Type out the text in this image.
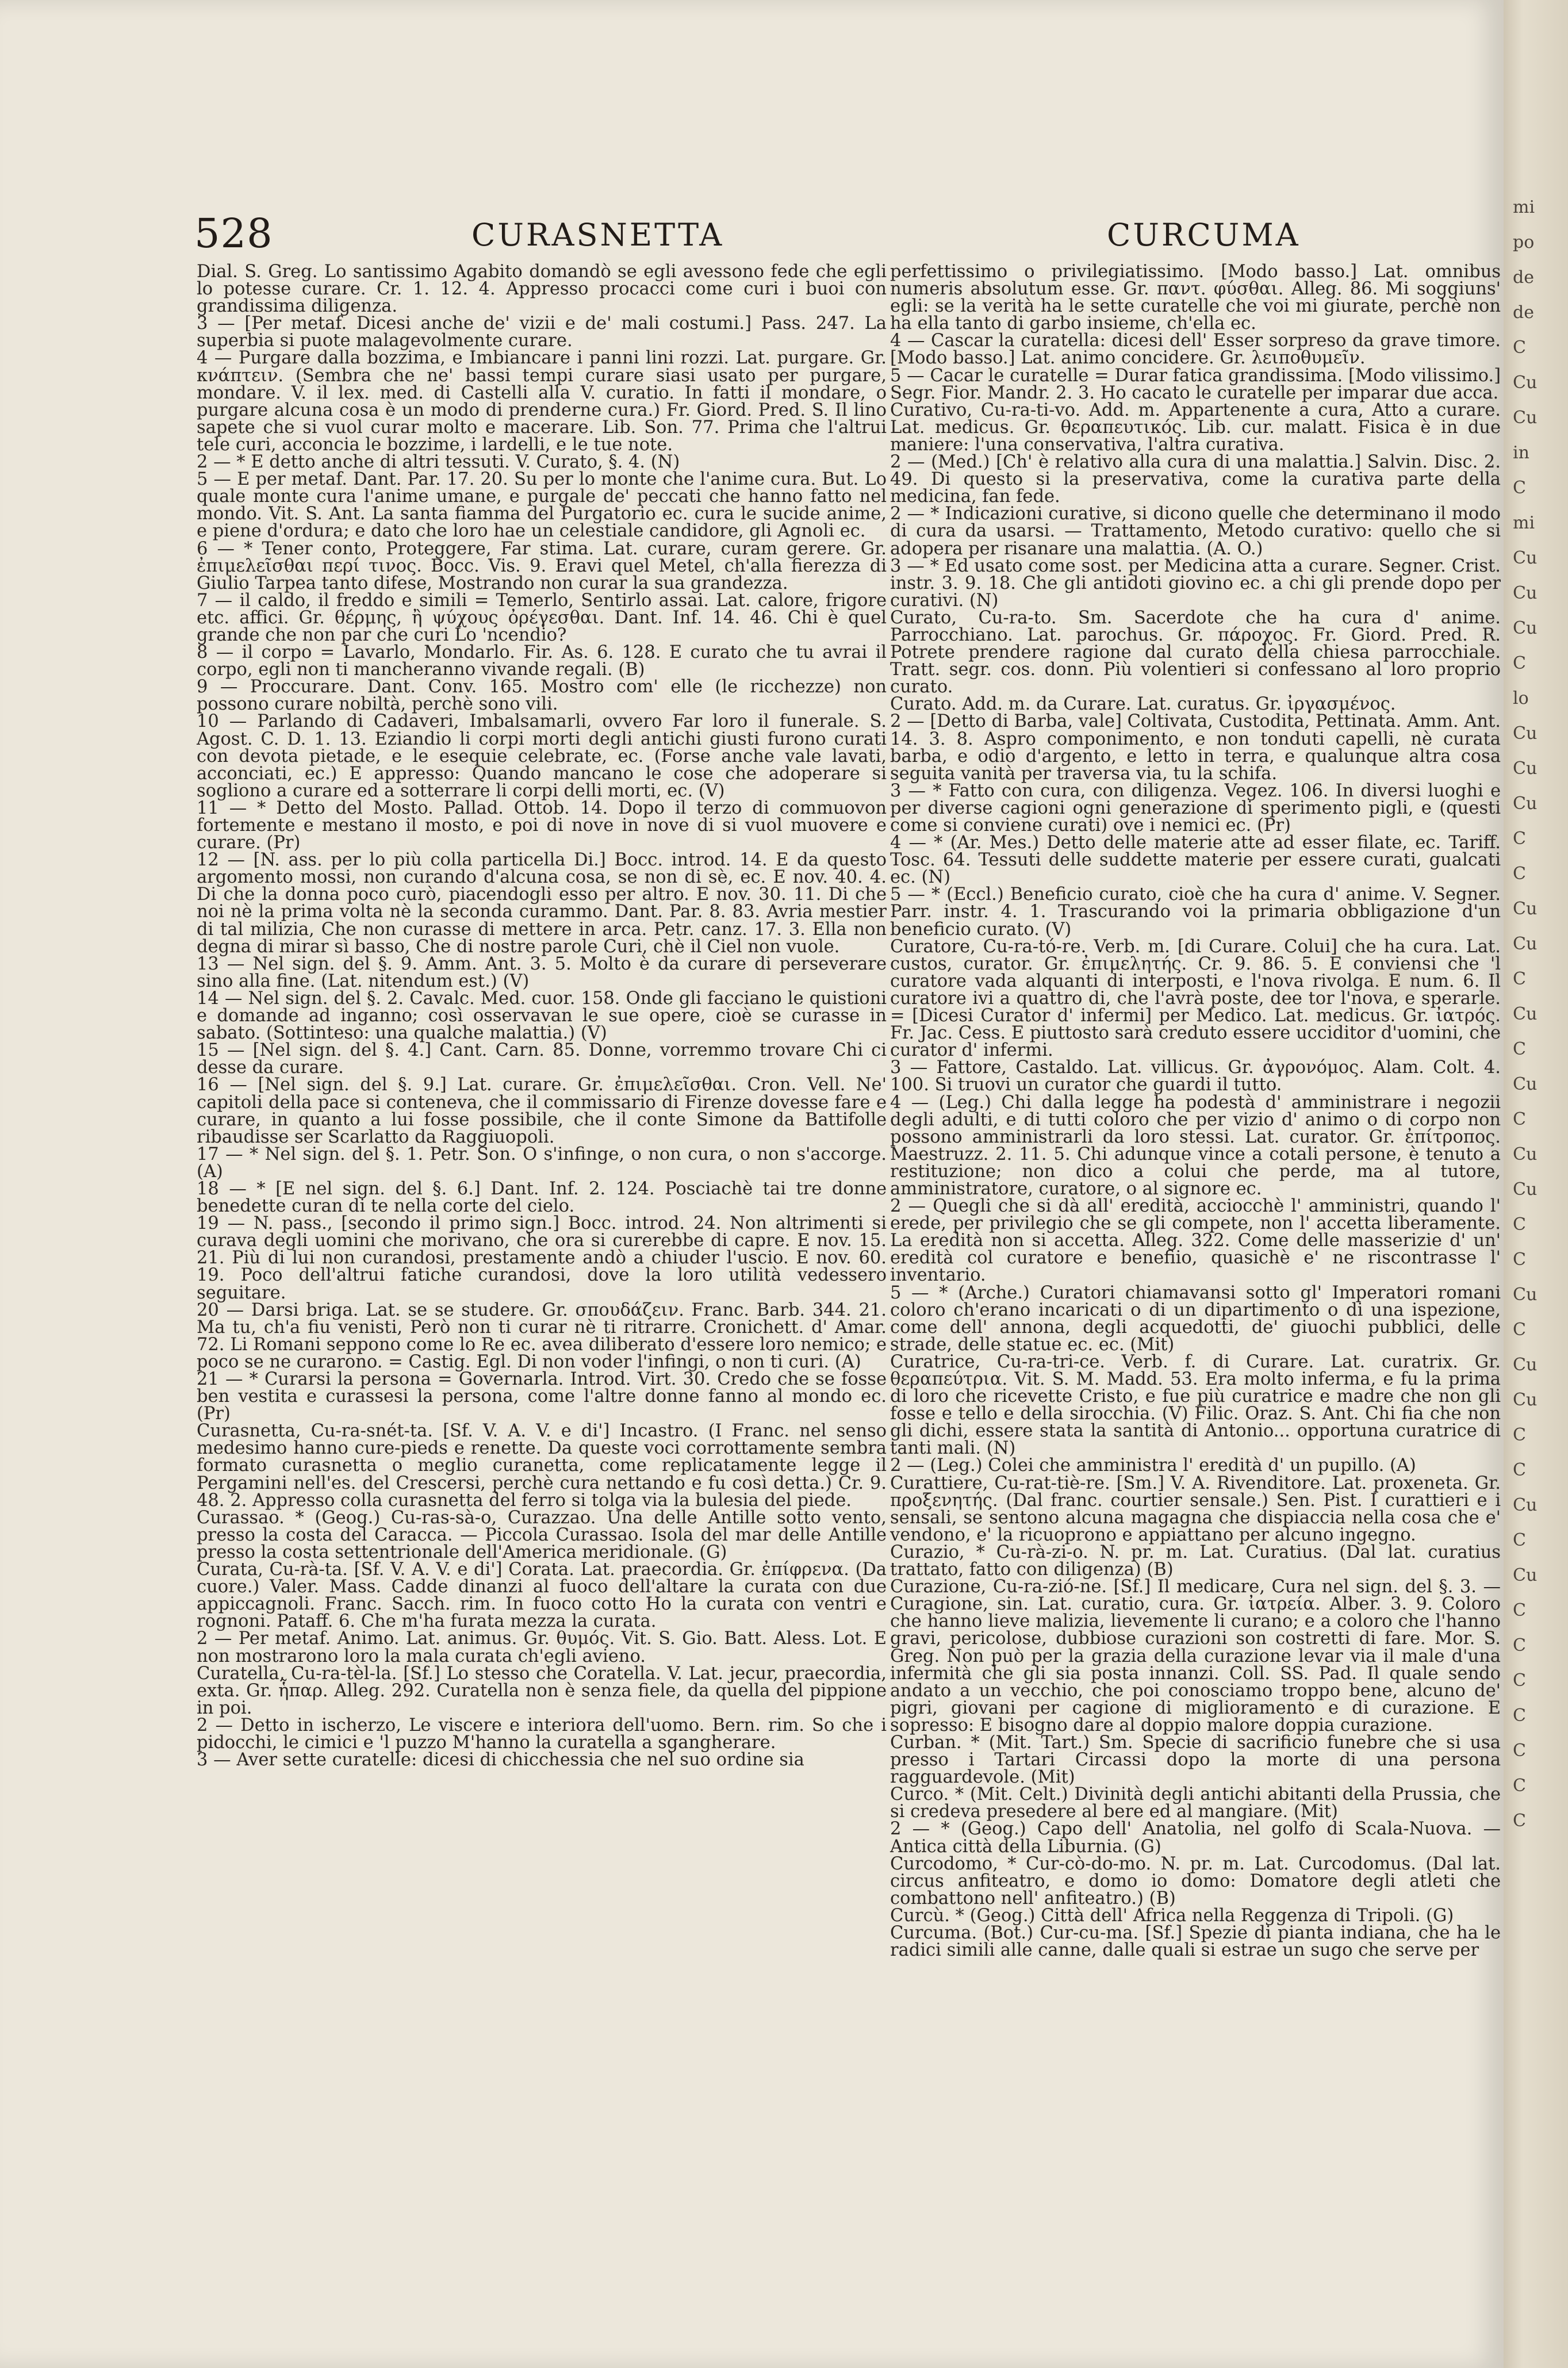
528	CURASNETTA	CURCUMA

Dial. S. Greg. Lo santissimo Agabito domandò se egli avessono fede che egli lo potesse curare. Cr. 1. 12. 4. Appresso procacci come curi i buoi con grandissima diligenza.

3 — [Per metaf. Dicesi anche de' vizii e de' mali costumi.] Pass. 247. La superbia si puote malagevolmente curare.

4 — Purgare dalla bozzima, e Imbiancare i panni lini rozzi. Lat. purgare. Gr. κνάπτειν. (Sembra che ne' bassi tempi curare siasi usato per purgare, mondare. V. il lex. med. di Castelli alla V. curatio. In fatti il mondare, o purgare alcuna cosa è un modo di prenderne cura.) Fr. Giord. Pred. S. Il lino sapete che si vuol curar molto e macerare. Lib. Son. 77. Prima che l'altrui tele curi, acconcia le bozzime, i lardelli, e le tue note.

2 — * E detto anche di altri tessuti. V. Curato, §. 4. (N)

5 — E per metaf. Dant. Par. 17. 20. Su per lo monte che l'anime cura. But. Lo quale monte cura l'anime umane, e purgale de' peccati che hanno fatto nel mondo. Vit. S. Ant. La santa fiamma del Purgatorio ec. cura le sucide anime, e piene d'ordura; e dato che loro hae un celestiale candidore, gli Agnoli ec.

6 — * Tener conto, Proteggere, Far stima. Lat. curare, curam gerere. Gr. ἐπιμελεῖσθαι περί τινος. Bocc. Vis. 9. Eravi quel Metel, ch'alla fierezza di Giulio Tarpea tanto difese, Mostrando non curar la sua grandezza.

7 — il caldo, il freddo e simili = Temerlo, Sentirlo assai. Lat. calore, frigore etc. affici. Gr. θέρμης, ἢ ψύχους ὀρέγεσθαι. Dant. Inf. 14. 46. Chi è quel grande che non par che curi Lo 'ncendio?

8 — il corpo = Lavarlo, Mondarlo. Fir. As. 6. 128. E curato che tu avrai il corpo, egli non ti mancheranno vivande regali. (B)

9 — Proccurare. Dant. Conv. 165. Mostro com' elle (le ricchezze) non possono curare nobiltà, perchè sono vili.

10 — Parlando di Cadaveri, Imbalsamarli, ovvero Far loro il funerale. S. Agost. C. D. 1. 13. Eziandio li corpi morti degli antichi giusti furono curati con devota pietade, e le esequie celebrate, ec. (Forse anche vale lavati, acconciati, ec.) E appresso: Quando mancano le cose che adoperare si sogliono a curare ed a sotterrare li corpi delli morti, ec. (V)

11 — * Detto del Mosto. Pallad. Ottob. 14. Dopo il terzo di commuovon fortemente e mestano il mosto, e poi di nove in nove di si vuol muovere e curare. (Pr)

12 — [N. ass. per lo più colla particella Di.] Bocc. introd. 14. E da questo argomento mossi, non curando d'alcuna cosa, se non di sè, ec. E nov. 40. 4. Di che la donna poco curò, piacendogli esso per altro. E nov. 30. 11. Di che noi nè la prima volta nè la seconda curammo. Dant. Par. 8. 83. Avria mestier di tal milizia, Che non curasse di mettere in arca. Petr. canz. 17. 3. Ella non degna di mirar sì basso, Che di nostre parole Curi, chè il Ciel non vuole.

13 — Nel sign. del §. 9. Amm. Ant. 3. 5. Molto è da curare di perseverare sino alla fine. (Lat. nitendum est.) (V)

14 — Nel sign. del §. 2. Cavalc. Med. cuor. 158. Onde gli facciano le quistioni e domande ad inganno; così osservavan le sue opere, cioè se curasse in sabato. (Sottinteso: una qualche malattia.) (V)

15 — [Nel sign. del §. 4.] Cant. Carn. 85. Donne, vorremmo trovare Chi ci desse da curare.

16 — [Nel sign. del §. 9.] Lat. curare. Gr. ἐπιμελεῖσθαι. Cron. Vell. Ne' capitoli della pace si conteneva, che il commissario di Firenze dovesse fare e curare, in quanto a lui fosse possibile, che il conte Simone da Battifolle ribaudisse ser Scarlatto da Raggiuopoli.

17 — * Nel sign. del §. 1. Petr. Son. O s'infinge, o non cura, o non s'accorge. (A)

18 — * [E nel sign. del §. 6.] Dant. Inf. 2. 124. Posciachè tai tre donne benedette curan di te nella corte del cielo.

19 — N. pass., [secondo il primo sign.] Bocc. introd. 24. Non altrimenti si curava degli uomini che morivano, che ora si curerebbe di capre. E nov. 15. 21. Più di lui non curandosi, prestamente andò a chiuder l'uscio. E nov. 60. 19. Poco dell'altrui fatiche curandosi, dove la loro utilità vedessero seguitare.

20 — Darsi briga. Lat. se se studere. Gr. σπουδάζειν. Franc. Barb. 344. 21. Ma tu, ch'a fiu venisti, Però non ti curar nè ti ritrarre. Cronichett. d' Amar. 72. Li Romani seppono come lo Re ec. avea diliberato d'essere loro nemico; e poco se ne curarono. = Castig. Egl. Di non voder l'infingi, o non ti curi. (A)

21 — * Curarsi la persona = Governarla. Introd. Virt. 30. Credo che se fosse ben vestita e curassesi la persona, come l'altre donne fanno al mondo ec. (Pr)

Curasnetta, Cu-ra-snét-ta. [Sf. V. A. V. e di'] Incastro. (I Franc. nel senso medesimo hanno cure-pieds e renette. Da queste voci corrottamente sembra formato curasnetta o meglio curanetta, come replicatamente legge il Pergamini nell'es. del Crescersi, perchè cura nettando e fu così detta.) Cr. 9. 48. 2. Appresso colla curasnetta del ferro si tolga via la bulesia del piede.

Curassao. * (Geog.) Cu-ras-sà-o, Curazzao. Una delle Antille sotto vento, presso la costa del Caracca. — Piccola Curassao. Isola del mar delle Antille presso la costa settentrionale dell'America meridionale. (G)

Curata, Cu-rà-ta. [Sf. V. A. V. e di'] Corata. Lat. praecordia. Gr. ἐπίφρενα. (Da cuore.) Valer. Mass. Cadde dinanzi al fuoco dell'altare la curata con due appiccagnoli. Franc. Sacch. rim. In fuoco cotto Ho la curata con ventri e rognoni. Pataff. 6. Che m'ha furata mezza la curata.

2 — Per metaf. Animo. Lat. animus. Gr. θυμός. Vit. S. Gio. Batt. Aless. Lot. E non mostrarono loro la mala curata ch'egli avieno.

Curatella, Cu-ra-tèl-la. [Sf.] Lo stesso che Coratella. V. Lat. jecur, praecordia, exta. Gr. ἧπαρ. Alleg. 292. Curatella non è senza fiele, da quella del pippione in poi.

2 — Detto in ischerzo, Le viscere e interiora dell'uomo. Bern. rim. So che i pidocchi, le cimici e 'l puzzo M'hanno la curatella a sgangherare.

3 — Aver sette curatelle: dicesi di chicchessia che nel suo ordine sia

perfettissimo o privilegiatissimo. [Modo basso.] Lat. omnibus numeris absolutum esse. Gr. παντ. φύσθαι. Alleg. 86. Mi soggiuns' egli: se la verità ha le sette curatelle che voi mi giurate, perchè non ha ella tanto di garbo insieme, ch'ella ec.

4 — Cascar la curatella: dicesi dell' Esser sorpreso da grave timore. [Modo basso.] Lat. animo concidere. Gr. λειποθυμεῖν.

5 — Cacar le curatelle = Durar fatica grandissima. [Modo vilissimo.] Segr. Fior. Mandr. 2. 3. Ho cacato le curatelle per imparar due acca.

Curativo, Cu-ra-ti-vo. Add. m. Appartenente a cura, Atto a curare. Lat. medicus. Gr. θεραπευτικός. Lib. cur. malatt. Fisica è in due maniere: l'una conservativa, l'altra curativa.

2 — (Med.) [Ch' è relativo alla cura di una malattia.] Salvin. Disc. 2. 49. Di questo si la preservativa, come la curativa parte della medicina, fan fede.

2 — * Indicazioni curative, si dicono quelle che determinano il modo di cura da usarsi. — Trattamento, Metodo curativo: quello che si adopera per risanare una malattia. (A. O.)

3 — * Ed usato come sost. per Medicina atta a curare. Segner. Crist. instr. 3. 9. 18. Che gli antidoti giovino ec. a chi gli prende dopo per curativi. (N)

Curato, Cu-ra-to. Sm. Sacerdote che ha cura d' anime. Parrocchiano. Lat. parochus. Gr. πάροχος. Fr. Giord. Pred. R. Potrete prendere ragione dal curato della chiesa parrocchiale. Tratt. segr. cos. donn. Più volentieri si confessano al loro proprio curato.

Curato. Add. m. da Curare. Lat. curatus. Gr. ἰργασμένος.

2 — [Detto di Barba, vale] Coltivata, Custodita, Pettinata. Amm. Ant. 14. 3. 8. Aspro componimento, e non tonduti capelli, nè curata barba, e odio d'argento, e letto in terra, e qualunque altra cosa seguita vanità per traversa via, tu la schifa.

3 — * Fatto con cura, con diligenza. Vegez. 106. In diversi luoghi e per diverse cagioni ogni generazione di sperimento pigli, e (questi come si conviene curati) ove i nemici ec. (Pr)

4 — * (Ar. Mes.) Detto delle materie atte ad esser filate, ec. Tariff. Tosc. 64. Tessuti delle suddette materie per essere curati, gualcati ec. (N)

5 — * (Eccl.) Beneficio curato, cioè che ha cura d' anime. V. Segner. Parr. instr. 4. 1. Trascurando voi la primaria obbligazione d'un beneficio curato. (V)

Curatore, Cu-ra-tó-re. Verb. m. [di Curare. Colui] che ha cura. Lat. custos, curator. Gr. ἐπιμελητής. Cr. 9. 86. 5. E conviensi che 'l curatore vada alquanti di interposti, e l'nova rivolga. E num. 6. Il curatore ivi a quattro di, che l'avrà poste, dee tor l'nova, e sperarle. = [Dicesi Curator d' infermi] per Medico. Lat. medicus. Gr. ἰατρός. Fr. Jac. Cess. E piuttosto sarà creduto essere ucciditor d'uomini, che curator d' infermi.

3 — Fattore, Castaldo. Lat. villicus. Gr. ἀγρονόμος. Alam. Colt. 4. 100. Si truovi un curator che guardi il tutto.

4 — (Leg.) Chi dalla legge ha podestà d' amministrare i negozii degli adulti, e di tutti coloro che per vizio d' animo o di corpo non possono amministrarli da loro stessi. Lat. curator. Gr. ἐπίτροπος. Maestruzz. 2. 11. 5. Chi adunque vince a cotali persone, è tenuto a restituzione; non dico a colui che perde, ma al tutore, amministratore, curatore, o al signore ec.

2 — Quegli che si dà all' eredità, acciocchè l' amministri, quando l' erede, per privilegio che se gli compete, non l' accetta liberamente. La eredità non si accetta. Alleg. 322. Come delle masserizie d' un' eredità col curatore e benefiio, quasichè e' ne riscontrasse l' inventario.

5 — * (Arche.) Curatori chiamavansi sotto gl' Imperatori romani coloro ch'erano incaricati o di un dipartimento o di una ispezione, come dell' annona, degli acquedotti, de' giuochi pubblici, delle strade, delle statue ec. ec. (Mit)

Curatrice, Cu-ra-tri-ce. Verb. f. di Curare. Lat. curatrix. Gr. θεραπεύτρια. Vit. S. M. Madd. 53. Era molto inferma, e fu la prima di loro che ricevette Cristo, e fue più curatrice e madre che non gli fosse e tello e della sirocchia. (V) Filic. Oraz. S. Ant. Chi fia che non gli dichi, essere stata la santità di Antonio... opportuna curatrice di tanti mali. (N)

2 — (Leg.) Colei che amministra l' eredità d' un pupillo. (A)

Curattiere, Cu-rat-tiè-re. [Sm.] V. A. Rivenditore. Lat. proxeneta. Gr. προξενητής. (Dal franc. courtier sensale.) Sen. Pist. I curattieri e i sensali, se sentono alcuna magagna che dispiaccia nella cosa che e' vendono, e' la ricuoprono e appiattano per alcuno ingegno.

Curazio, * Cu-rà-zi-o. N. pr. m. Lat. Curatius. (Dal lat. curatius trattato, fatto con diligenza) (B)

Curazione, Cu-ra-zió-ne. [Sf.] Il medicare, Cura nel sign. del §. 3. — Curagione, sin. Lat. curatio, cura. Gr. ἰατρεία. Alber. 3. 9. Coloro che hanno lieve malizia, lievemente li curano; e a coloro che l'hanno gravi, pericolose, dubbiose curazioni son costretti di fare. Mor. S. Greg. Non può per la grazia della curazione levar via il male d'una infermità che gli sia posta innanzi. Coll. SS. Pad. Il quale sendo andato a un vecchio, che poi conosciamo troppo bene, alcuno de' pigri, giovani per cagione di miglioramento e di curazione. E sopresso: E bisogno dare al doppio malore doppia curazione.

Curban. * (Mit. Tart.) Sm. Specie di sacrificio funebre che si usa presso i Tartari Circassi dopo la morte di una persona ragguardevole. (Mit)

Curco. * (Mit. Celt.) Divinità degli antichi abitanti della Prussia, che si credeva presedere al bere ed al mangiare. (Mit)

2 — * (Geog.) Capo dell' Anatolia, nel golfo di Scala-Nuova. — Antica città della Liburnia. (G)

Curcodomo, * Cur-cò-do-mo. N. pr. m. Lat. Curcodomus. (Dal lat. circus anfiteatro, e domo io domo: Domatore degli atleti che combattono nell' anfiteatro.) (B)

Curcù. * (Geog.) Città dell' Africa nella Reggenza di Tripoli. (G)

Curcuma. (Bot.) Cur-cu-ma. [Sf.] Spezie di pianta indiana, che ha le radici simili alle canne, dalle quali si estrae un sugo che serve per

mi
po
de
de
C
Cu
Cu
in
C
mi
Cu
Cu
Cu
C
lo
Cu
Cu
Cu
C
C
Cu
Cu
C
Cu
C
Cu
C
Cu
Cu
C
C
Cu
C
Cu
Cu
C
C
Cu
C
Cu
C
C
C
C
C
C
C
